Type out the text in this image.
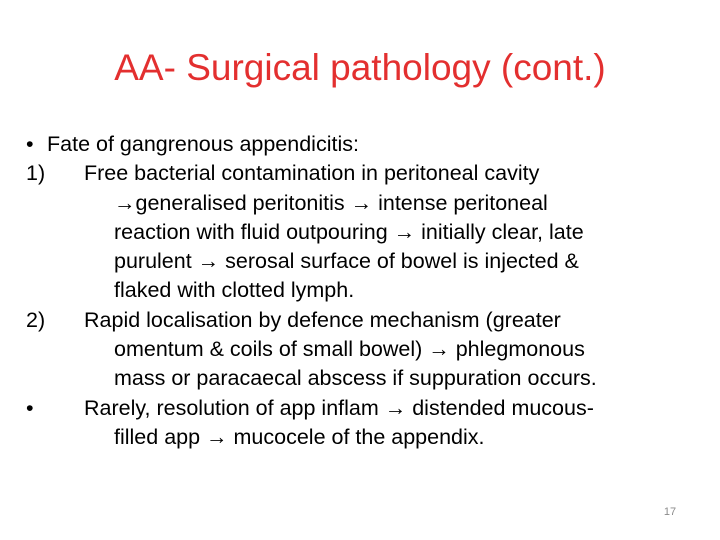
AA- Surgical pathology (cont.)
• Fate of gangrenous appendicitis:
1)	Free bacterial contamination in peritoneal cavity
→generalised peritonitis → intense peritoneal
reaction with fluid outpouring → initially clear, late
purulent → serosal surface of bowel is injected &
flaked with clotted lymph.
2)	Rapid localisation by defence mechanism (greater
omentum & coils of small bowel) → phlegmonous
mass or paracaecal abscess if suppuration occurs.
•	Rarely, resolution of app inflam → distended mucous-
filled app → mucocele of the appendix.
17
